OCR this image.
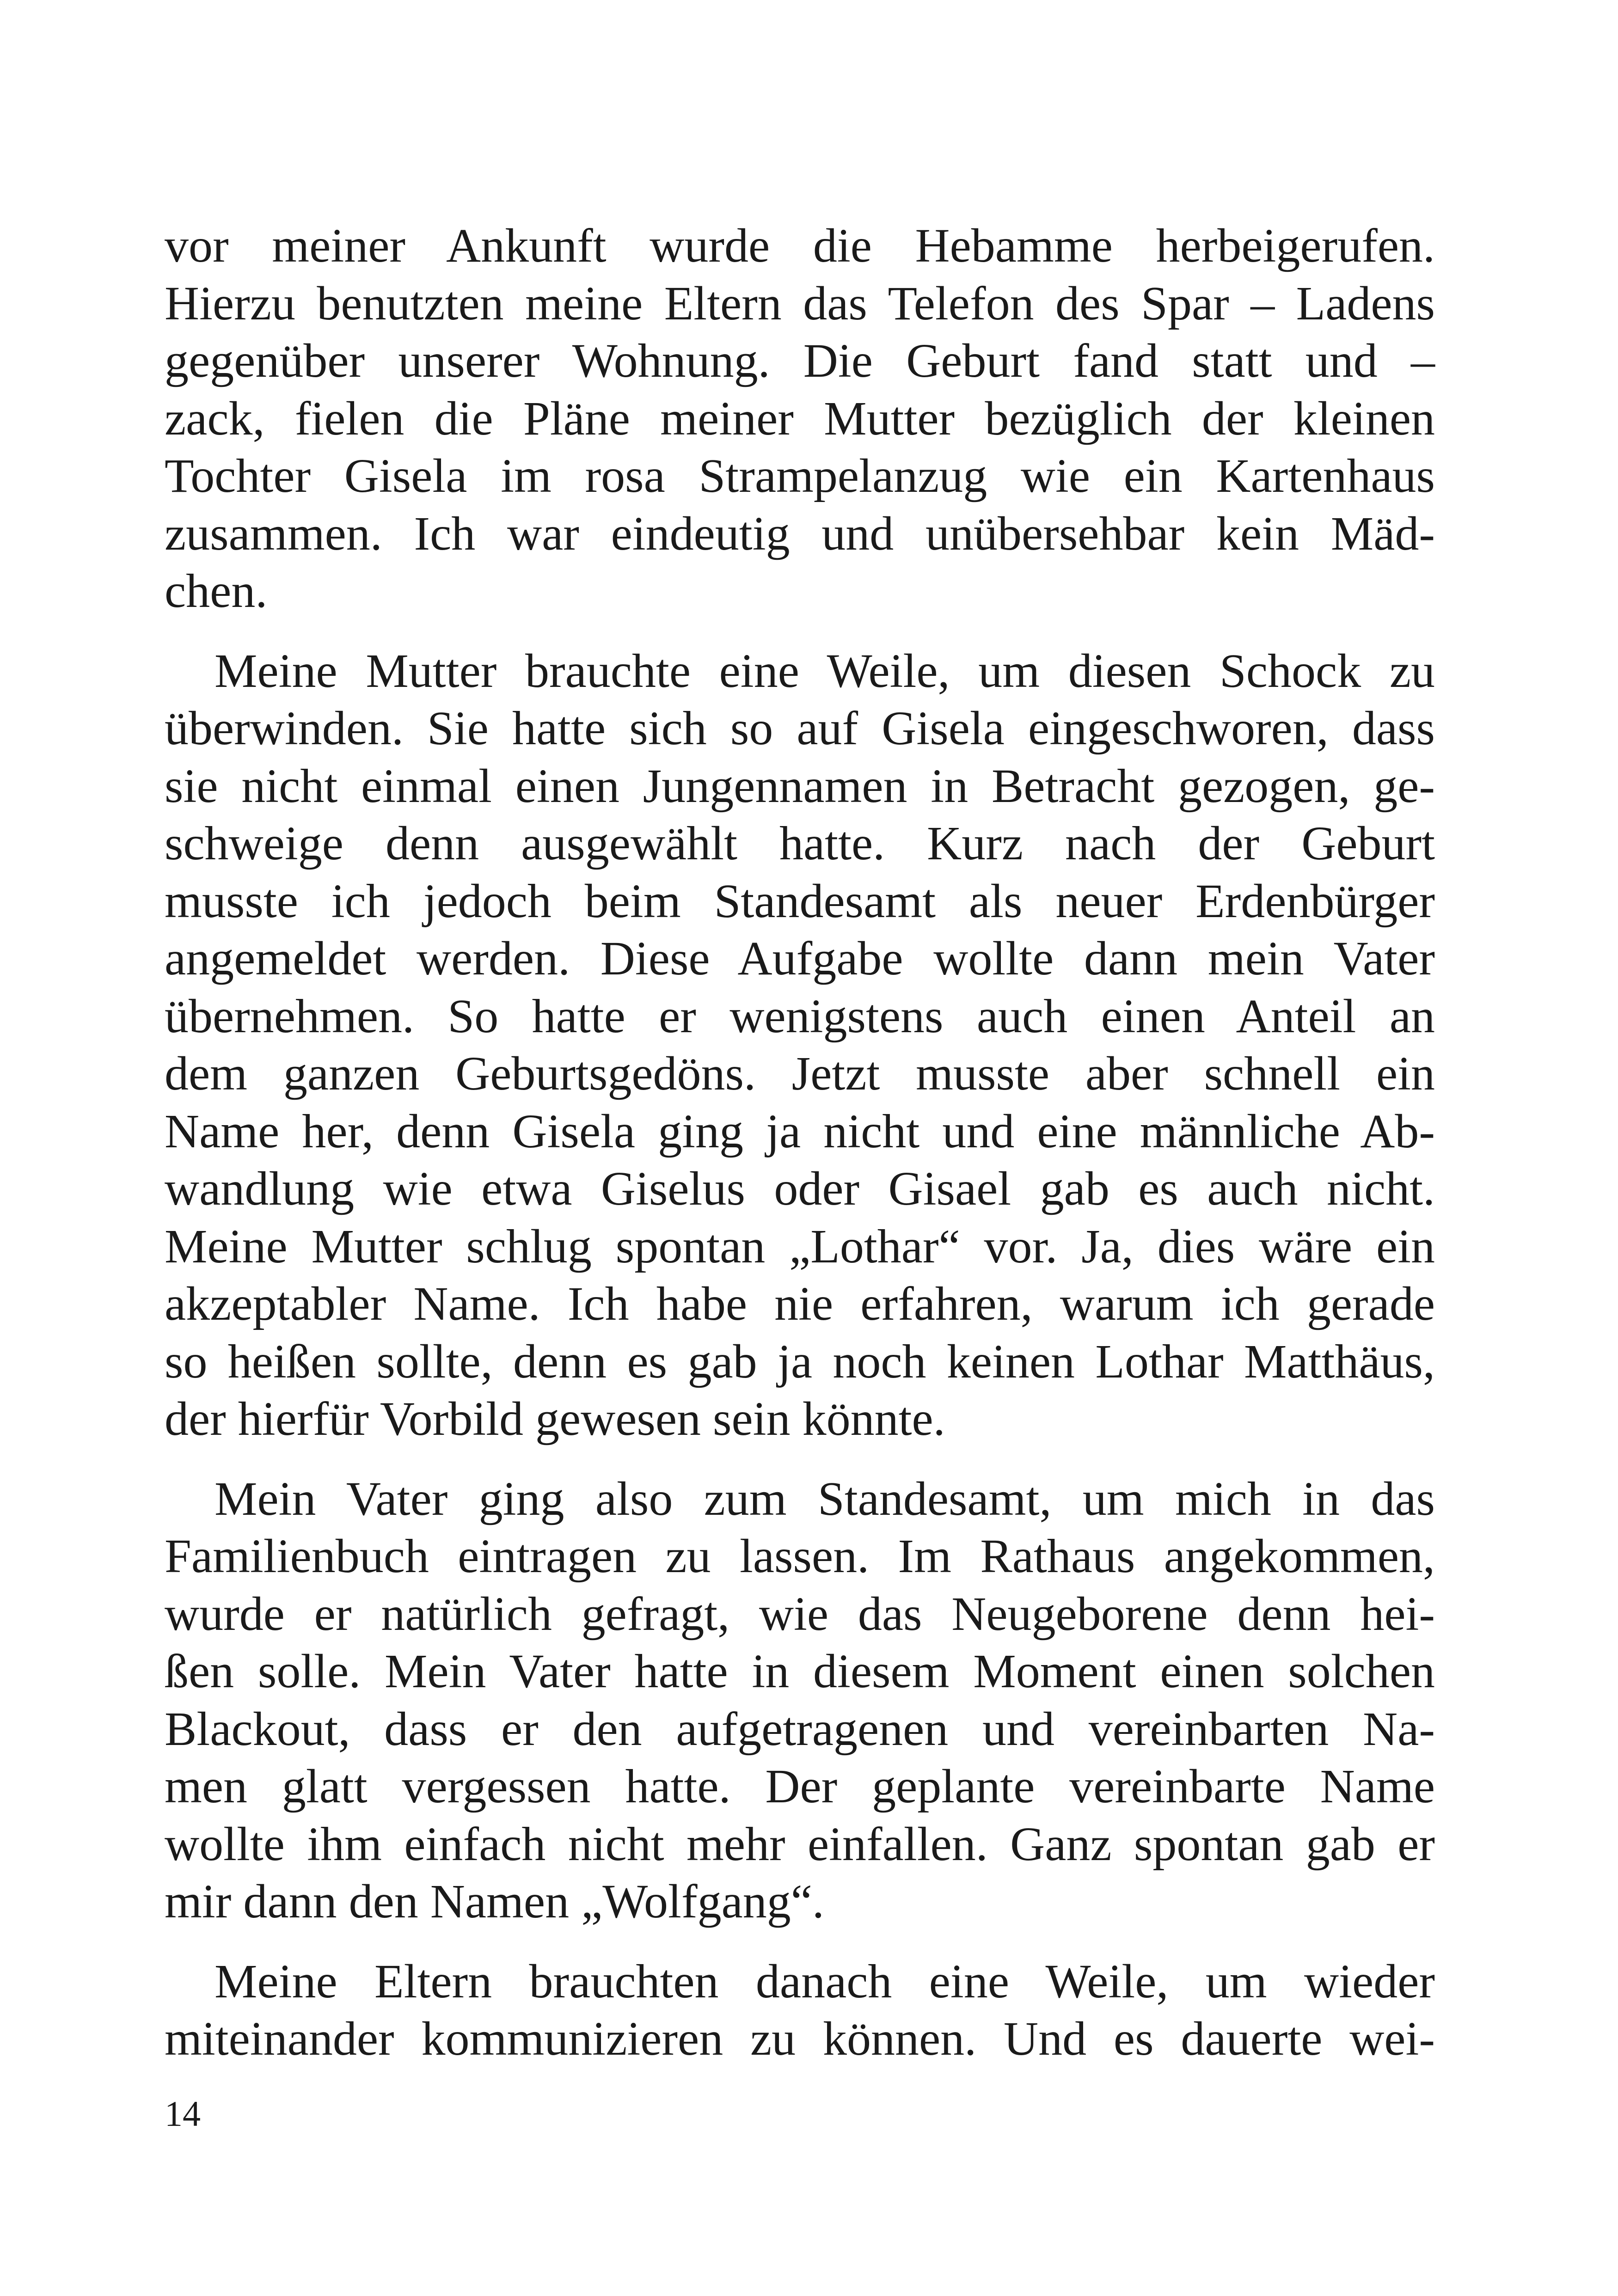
vor meiner Ankunft wurde die Hebamme herbeigerufen.
Hierzu benutzten meine Eltern das Telefon des Spar – Ladens
gegenüber unserer Wohnung. Die Geburt fand statt und –
zack, fielen die Pläne meiner Mutter bezüglich der kleinen
Tochter Gisela im rosa Strampelanzug wie ein Kartenhaus
zusammen. Ich war eindeutig und unübersehbar kein Mäd-
chen.

Meine Mutter brauchte eine Weile, um diesen Schock zu
überwinden. Sie hatte sich so auf Gisela eingeschworen, dass
sie nicht einmal einen Jungennamen in Betracht gezogen, ge-
schweige denn ausgewählt hatte. Kurz nach der Geburt
musste ich jedoch beim Standesamt als neuer Erdenbürger
angemeldet werden. Diese Aufgabe wollte dann mein Vater
übernehmen. So hatte er wenigstens auch einen Anteil an
dem ganzen Geburtsgedöns. Jetzt musste aber schnell ein
Name her, denn Gisela ging ja nicht und eine männliche Ab-
wandlung wie etwa Giselus oder Gisael gab es auch nicht.
Meine Mutter schlug spontan „Lothar“ vor. Ja, dies wäre ein
akzeptabler Name. Ich habe nie erfahren, warum ich gerade
so heißen sollte, denn es gab ja noch keinen Lothar Matthäus,
der hierfür Vorbild gewesen sein könnte.

Mein Vater ging also zum Standesamt, um mich in das
Familienbuch eintragen zu lassen. Im Rathaus angekommen,
wurde er natürlich gefragt, wie das Neugeborene denn hei-
ßen solle. Mein Vater hatte in diesem Moment einen solchen
Blackout, dass er den aufgetragenen und vereinbarten Na-
men glatt vergessen hatte. Der geplante vereinbarte Name
wollte ihm einfach nicht mehr einfallen. Ganz spontan gab er
mir dann den Namen „Wolfgang“.

Meine Eltern brauchten danach eine Weile, um wieder
miteinander kommunizieren zu können. Und es dauerte wei-

14
